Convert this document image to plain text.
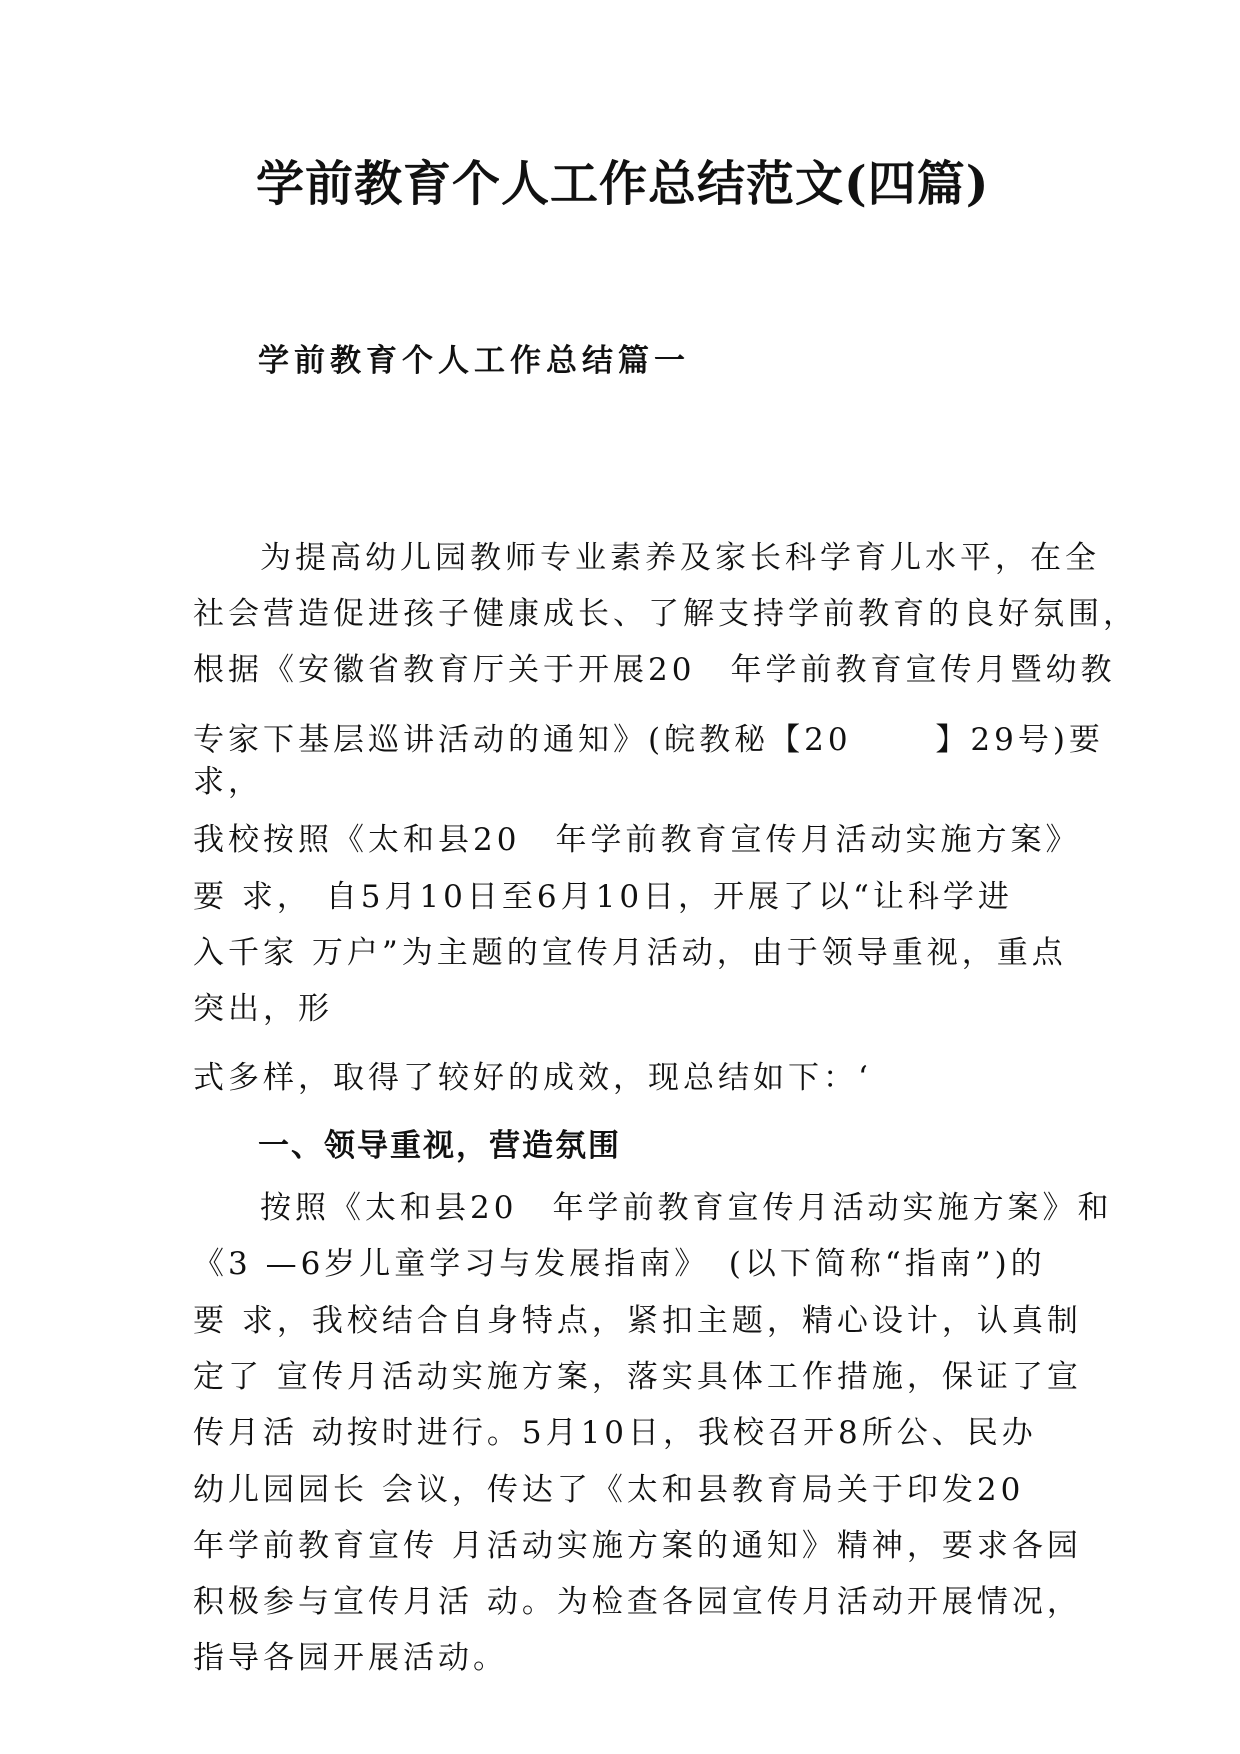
学前教育个人工作总结范文(四篇)
学前教育个人工作总结篇一
为提高幼儿园教师专业素养及家长科学育儿水平，在全
社会营造促进孩子健康成长、了解支持学前教育的良好氛围，
根据《安徽省教育厅关于开展20　年学前教育宣传月暨幼教
专家下基层巡讲活动的通知》(皖教秘【20　　 】29号)要
求，
我校按照《太和县20　年学前教育宣传月活动实施方案》
要 求， 自5月10日至6月10日，开展了以“让科学进
入千家 万户”为主题的宣传月活动，由于领导重视，重点
突出，形
式多样，取得了较好的成效，现总结如下：‘
一、领导重视，营造氛围
按照《太和县20　年学前教育宣传月活动实施方案》和
《3 —6岁儿童学习与发展指南》　(以下简称“指南”)的
要 求，我校结合自身特点，紧扣主题，精心设计，认真制
定了 宣传月活动实施方案，落实具体工作措施，保证了宣
传月活 动按时进行。5月10日，我校召开8所公、民办
幼儿园园长 会议，传达了《太和县教育局关于印发20
年学前教育宣传 月活动实施方案的通知》精神，要求各园
积极参与宣传月活 动。为检查各园宣传月活动开展情况，
指导各园开展活动。
